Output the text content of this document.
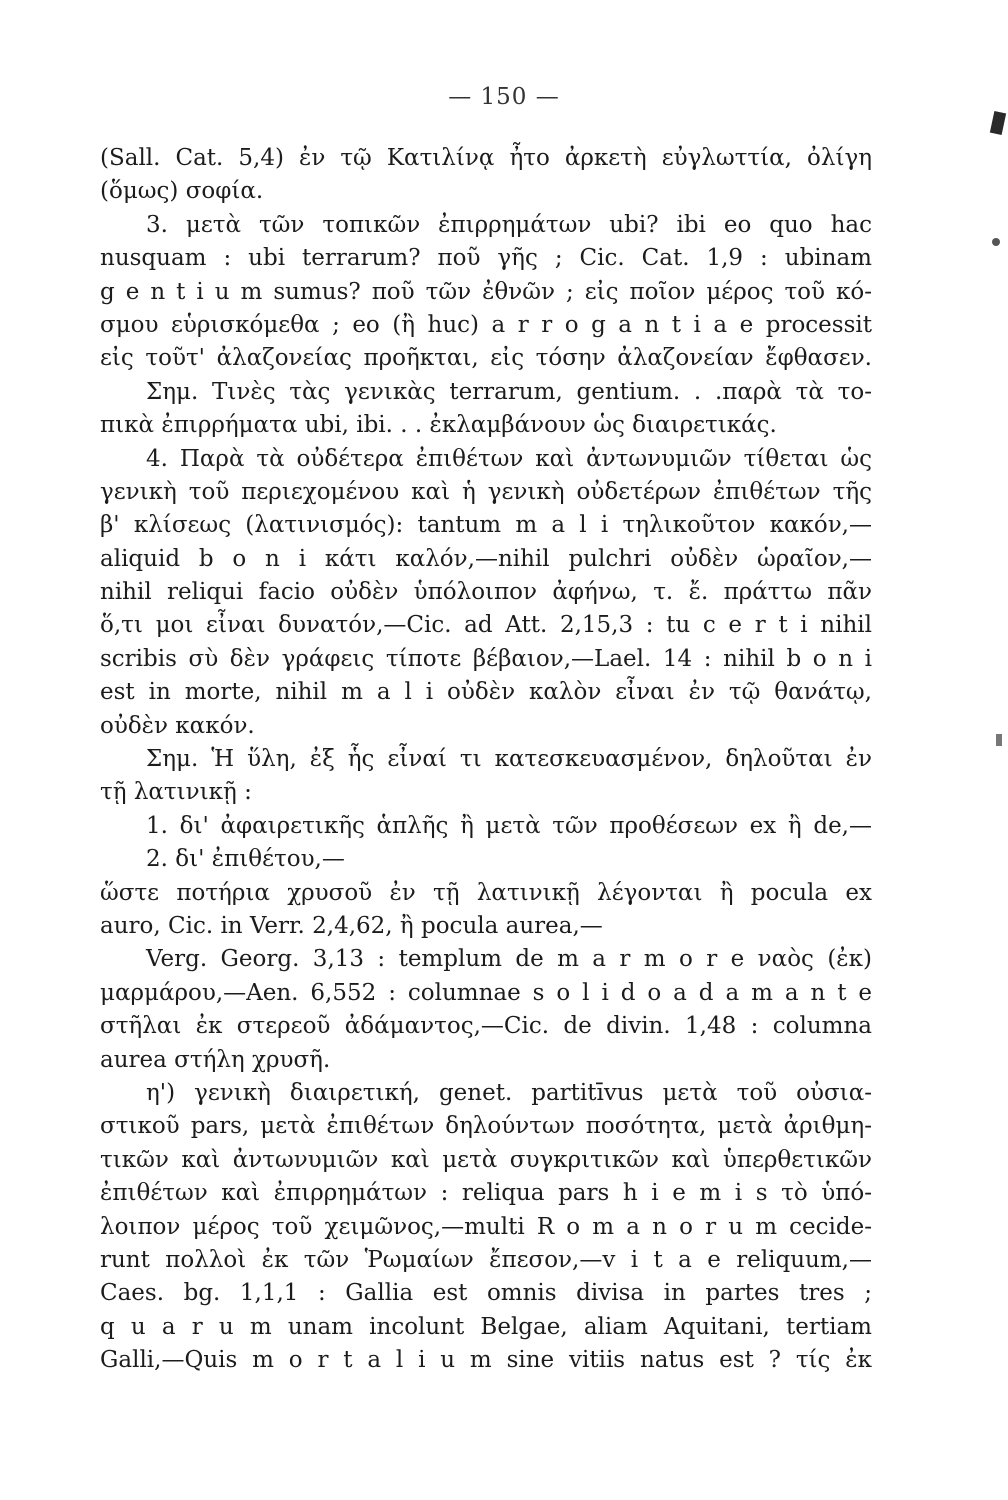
— 150 —
(Sall. Cat. 5,4) ἐν τῷ Κατιλίνᾳ ἦτο ἀρκετὴ εὐγλωττία, ὀλίγη
(ὅμως) σοφία.
3. μετὰ τῶν τοπικῶν ἐπιρρημάτων ubi? ibi eo quo hac
nusquam : ubi terrarum? ποῦ γῆς ; Cic. Cat. 1,9 : ubinam
g e n t i u m sumus? ποῦ τῶν ἐθνῶν ; εἰς ποῖον μέρος τοῦ κό-
σμου εὑρισκόμεθα ; eo (ἢ huc) a r r o g a n t i a e processit
εἰς τοῦτ' ἀλαζονείας προῆκται, εἰς τόσην ἀλαζονείαν ἔφθασεν.
Σημ. Τινὲς τὰς γενικὰς terrarum, gentium. . .παρὰ τὰ το-
πικὰ ἐπιρρήματα ubi, ibi. . . ἐκλαμβάνουν ὡς διαιρετικάς.
4. Παρὰ τὰ οὐδέτερα ἐπιθέτων καὶ ἀντωνυμιῶν τίθεται ὡς
γενικὴ τοῦ περιεχομένου καὶ ἡ γενικὴ οὐδετέρων ἐπιθέτων τῆς
β' κλίσεως (λατινισμός): tantum m a l i τηλικοῦτον κακόν,—
aliquid b o n i κάτι καλόν,—nihil pulchri οὐδὲν ὡραῖον,—
nihil reliqui facio οὐδὲν ὑπόλοιπον ἀφήνω, τ. ἔ. πράττω πᾶν
ὅ,τι μοι εἶναι δυνατόν,—Cic. ad Att. 2,15,3 : tu c e r t i nihil
scribis σὺ δὲν γράφεις τίποτε βέβαιον,—Lael. 14 : nihil b o n i
est in morte, nihil m a l i οὐδὲν καλὸν εἶναι ἐν τῷ θανάτῳ,
οὐδὲν κακόν.
Σημ. Ἡ ὕλη, ἐξ ἧς εἶναί τι κατεσκευασμένον, δηλοῦται ἐν
τῇ λατινικῇ :
1. δι' ἀφαιρετικῆς ἁπλῆς ἢ μετὰ τῶν προθέσεων ex ἢ de,—
2. δι' ἐπιθέτου,—
ὥστε ποτήρια χρυσοῦ ἐν τῇ λατινικῇ λέγονται ἢ pocula ex
auro, Cic. in Verr. 2,4,62, ἢ pocula aurea,—
Verg. Georg. 3,13 : templum de m a r m o r e ναὸς (ἐκ)
μαρμάρου,—Aen. 6,552 : columnae s o l i d o a d a m a n t e
στῆλαι ἐκ στερεοῦ ἀδάμαντος,—Cic. de divin. 1,48 : columna
aurea στήλη χρυσῆ.
η') γενικὴ διαιρετική, genet. partitīvus μετὰ τοῦ οὐσια-
στικοῦ pars, μετὰ ἐπιθέτων δηλούντων ποσότητα, μετὰ ἀριθμη-
τικῶν καὶ ἀντωνυμιῶν καὶ μετὰ συγκριτικῶν καὶ ὑπερθετικῶν
ἐπιθέτων καὶ ἐπιρρημάτων : reliqua pars h i e m i s τὸ ὑπό-
λοιπον μέρος τοῦ χειμῶνος,—multi R o m a n o r u m cecide-
runt πολλοὶ ἐκ τῶν Ῥωμαίων ἔπεσον,—v i t a e reliquum,—
Caes. bg. 1,1,1 : Gallia est omnis divisa in partes tres ;
q u a r u m unam incolunt Belgae, aliam Aquitani, tertiam
Galli,—Quis m o r t a l i u m sine vitiis natus est ? τίς ἐκ
